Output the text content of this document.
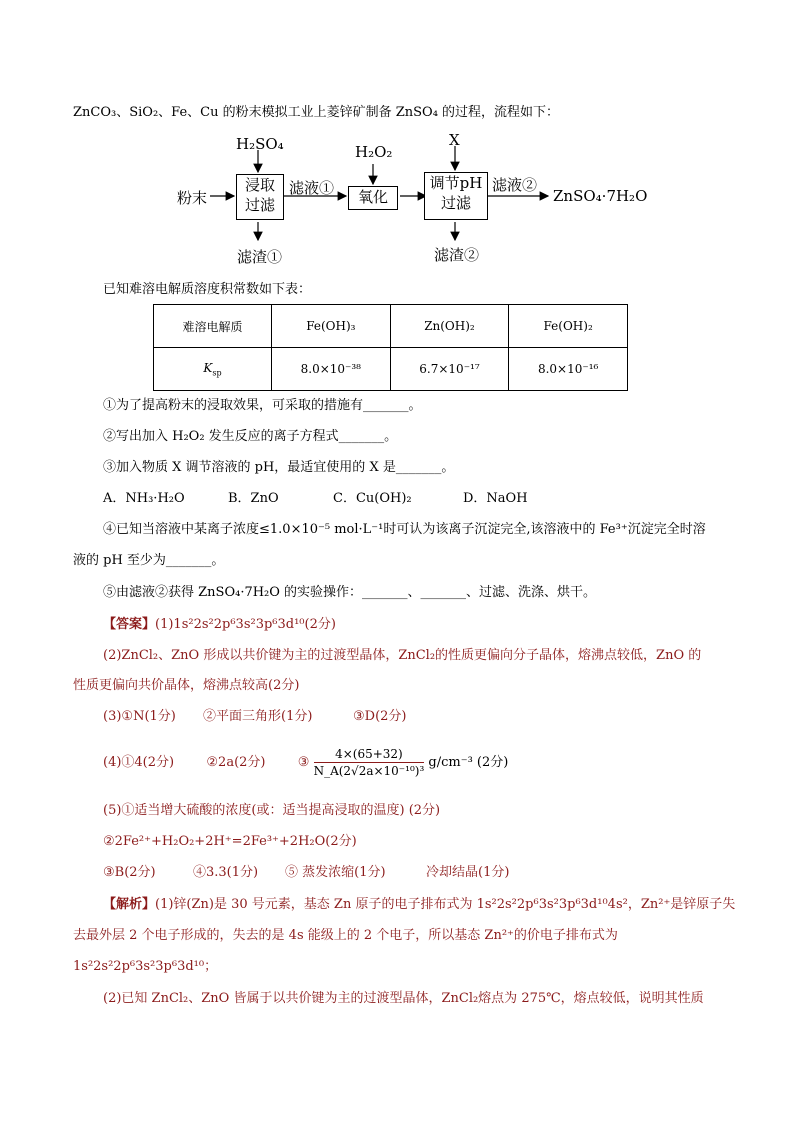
ZnCO₃、SiO₂、Fe、Cu 的粉末模拟工业上菱锌矿制备 ZnSO₄ 的过程，流程如下：
粉末
H₂SO₄
浸取
过滤
滤液①
滤渣①
H₂O₂
氧化
X
调节pH
过滤
滤液②
滤渣②
ZnSO₄·7H₂O
已知难溶电解质溶度积常数如下表：
难溶电解质	Fe(OH)₃	Zn(OH)₂	Fe(OH)₂
$K_{sp}$	8.0×10⁻³⁸	6.7×10⁻¹⁷	8.0×10⁻¹⁶
①为了提高粉末的浸取效果，可采取的措施有_______。
②写出加入 H₂O₂ 发生反应的离子方程式_______。
③加入物质 X 调节溶液的 pH，最适宜使用的 X 是_______。
A．NH₃·H₂O	B．ZnO	C．Cu(OH)₂	D．NaOH
④已知当溶液中某离子浓度≤1.0×10⁻⁵ mol·L⁻¹时可认为该离子沉淀完全,该溶液中的 Fe³⁺沉淀完全时溶
液的 pH 至少为_______。
⑤由滤液②获得 ZnSO₄·7H₂O 的实验操作：_______、_______、过滤、洗涤、烘干。
【答案】(1)1s²2s²2p⁶3s²3p⁶3d¹⁰(2分)
(2)ZnCl₂、ZnO 形成以共价键为主的过渡型晶体，ZnCl₂的性质更偏向分子晶体，熔沸点较低，ZnO 的
性质更偏向共价晶体，熔沸点较高(2分)
(3)①N(1分) ②平面三角形(1分)	③D(2分)
(4)①4(2分) ②2a(2分) ③ $\frac{4\times(65+32)}{\text{N\_A(2√2a×10⁻¹⁰)³}} g/cm^{-3}$ (2分)
(5)①适当增大硫酸的浓度(或：适当提高浸取的温度) (2分)
②2Fe²⁺+H₂O₂+2H⁺=2Fe³⁺+2H₂O(2分)
③B(2分)	④3.3(1分) ⑤ 蒸发浓缩(1分)	冷却结晶(1分)
【解析】(1)锌(Zn)是 30 号元素，基态 Zn 原子的电子排布式为 1s²2s²2p⁶3s²3p⁶3d¹⁰4s²，Zn²⁺是锌原子失
去最外层 2 个电子形成的，失去的是 4s 能级上的 2 个电子，所以基态 Zn²⁺的价电子排布式为
1s²2s²2p⁶3s²3p⁶3d¹⁰；
(2)已知 ZnCl₂、ZnO 皆属于以共价键为主的过渡型晶体，ZnCl₂熔点为 275℃，熔点较低，说明其性质
